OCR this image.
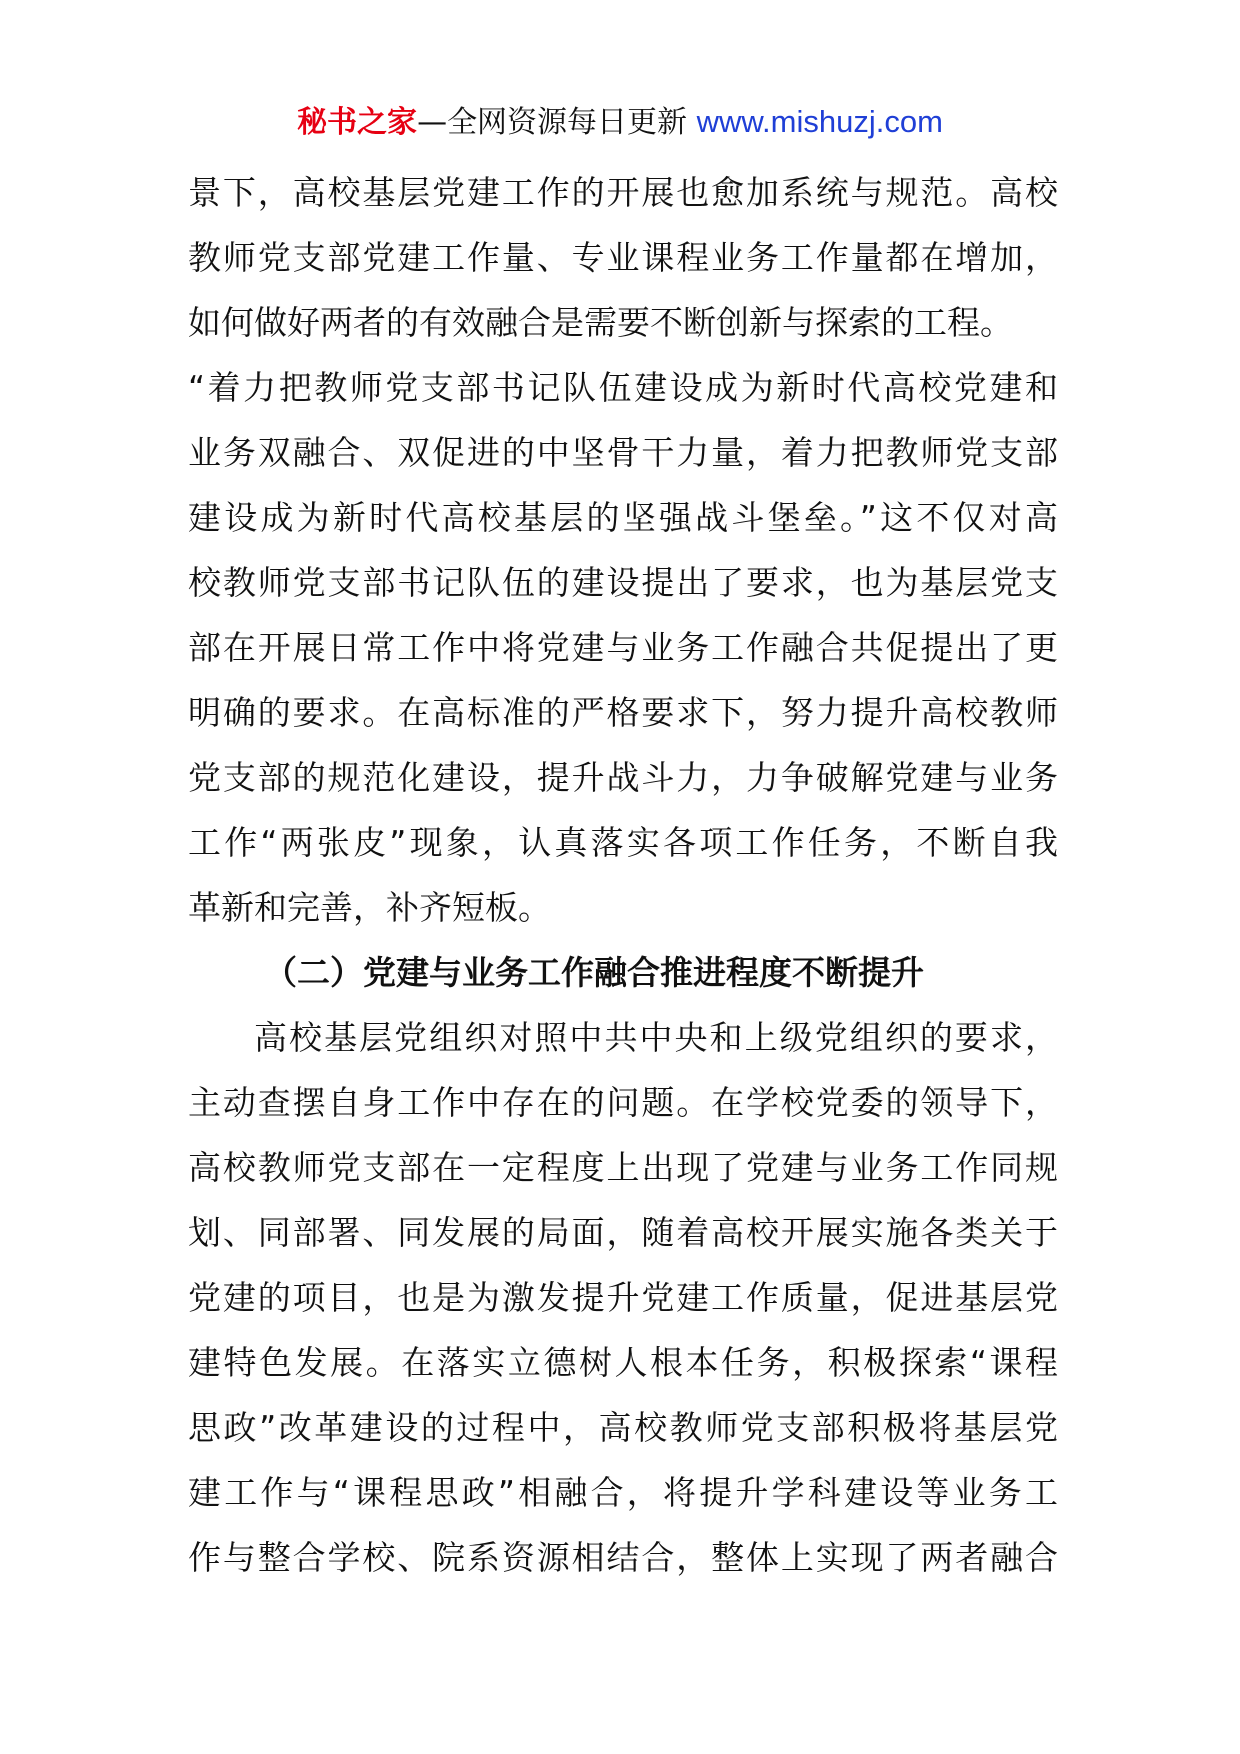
秘书之家—全网资源每日更新 www.mishuzj.com
景下，高校基层党建工作的开展也愈加系统与规范。高校
教师党支部党建工作量、专业课程业务工作量都在增加，
如何做好两者的有效融合是需要不断创新与探索的工程。
“着力把教师党支部书记队伍建设成为新时代高校党建和
业务双融合、双促进的中坚骨干力量，着力把教师党支部
建设成为新时代高校基层的坚强战斗堡垒。”这不仅对高
校教师党支部书记队伍的建设提出了要求，也为基层党支
部在开展日常工作中将党建与业务工作融合共促提出了更
明确的要求。在高标准的严格要求下，努力提升高校教师
党支部的规范化建设，提升战斗力，力争破解党建与业务
工作“两张皮”现象，认真落实各项工作任务，不断自我
革新和完善，补齐短板。
（二）党建与业务工作融合推进程度不断提升
高校基层党组织对照中共中央和上级党组织的要求，
主动查摆自身工作中存在的问题。在学校党委的领导下，
高校教师党支部在一定程度上出现了党建与业务工作同规
划、同部署、同发展的局面，随着高校开展实施各类关于
党建的项目，也是为激发提升党建工作质量，促进基层党
建特色发展。在落实立德树人根本任务，积极探索“课程
思政”改革建设的过程中，高校教师党支部积极将基层党
建工作与“课程思政”相融合，将提升学科建设等业务工
作与整合学校、院系资源相结合，整体上实现了两者融合
